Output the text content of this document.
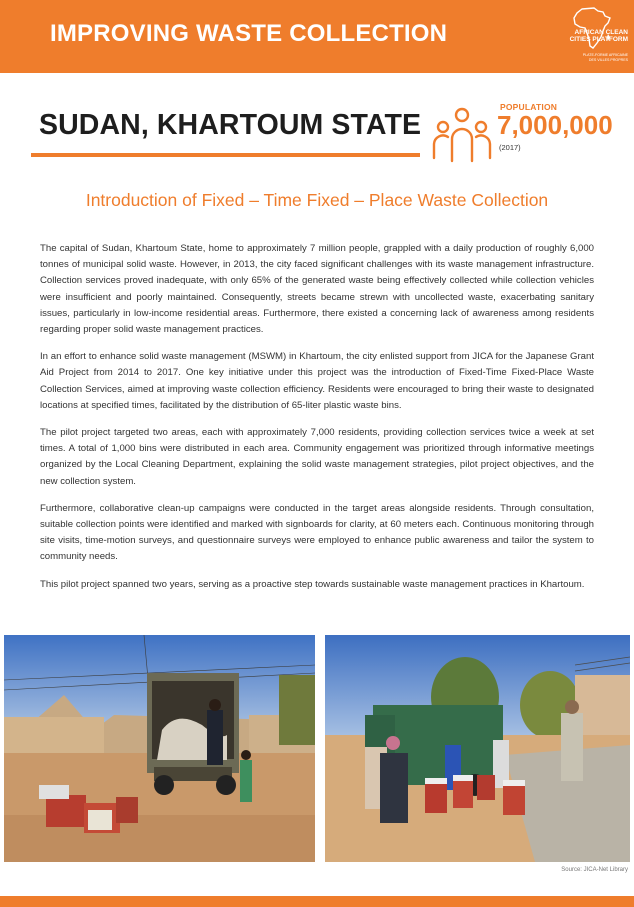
IMPROVING WASTE COLLECTION	AFRICAN CLEAN
CITIES PLATFORM
PLATE-FORME AFRICAINE
DES VILLES PROPRES
SUDAN, KHARTOUM STATE
POPULATION
7,000,000
(2017)
Introduction of Fixed – Time Fixed – Place Waste Collection

The capital of Sudan, Khartoum State, home to approximately 7 million people, grappled with a daily production of roughly 6,000 tonnes of municipal solid waste. However, in 2013, the city faced significant challenges with its waste management infrastructure. Collection services proved inadequate, with only 65% of the generated waste being effectively collected while collection vehicles were insufficient and poorly maintained. Consequently, streets became strewn with uncollected waste, exacerbating sanitary issues, particularly in low-income residential areas. Furthermore, there existed a concerning lack of awareness among residents regarding proper solid waste management practices.

In an effort to enhance solid waste management (MSWM) in Khartoum, the city enlisted support from JICA for the Japanese Grant Aid Project from 2014 to 2017. One key initiative under this project was the introduction of Fixed-Time Fixed-Place Waste Collection Services, aimed at improving waste collection efficiency. Residents were encouraged to bring their waste to designated locations at specified times, facilitated by the distribution of 65-liter plastic waste bins.

The pilot project targeted two areas, each with approximately 7,000 residents, providing collection services twice a week at set times. A total of 1,000 bins were distributed in each area. Community engagement was prioritized through informative meetings organized by the Local Cleaning Department, explaining the solid waste management strategies, pilot project objectives, and the new collection system.

Furthermore, collaborative clean-up campaigns were conducted in the target areas alongside residents. Through consultation, suitable collection points were identified and marked with signboards for clarity, at 60 meters each. Continuous monitoring through site visits, time-motion surveys, and questionnaire surveys were employed to enhance public awareness and tailor the system to community needs.

This pilot project spanned two years, serving as a proactive step towards sustainable waste management practices in Khartoum.

Source: JICA-Net Library
